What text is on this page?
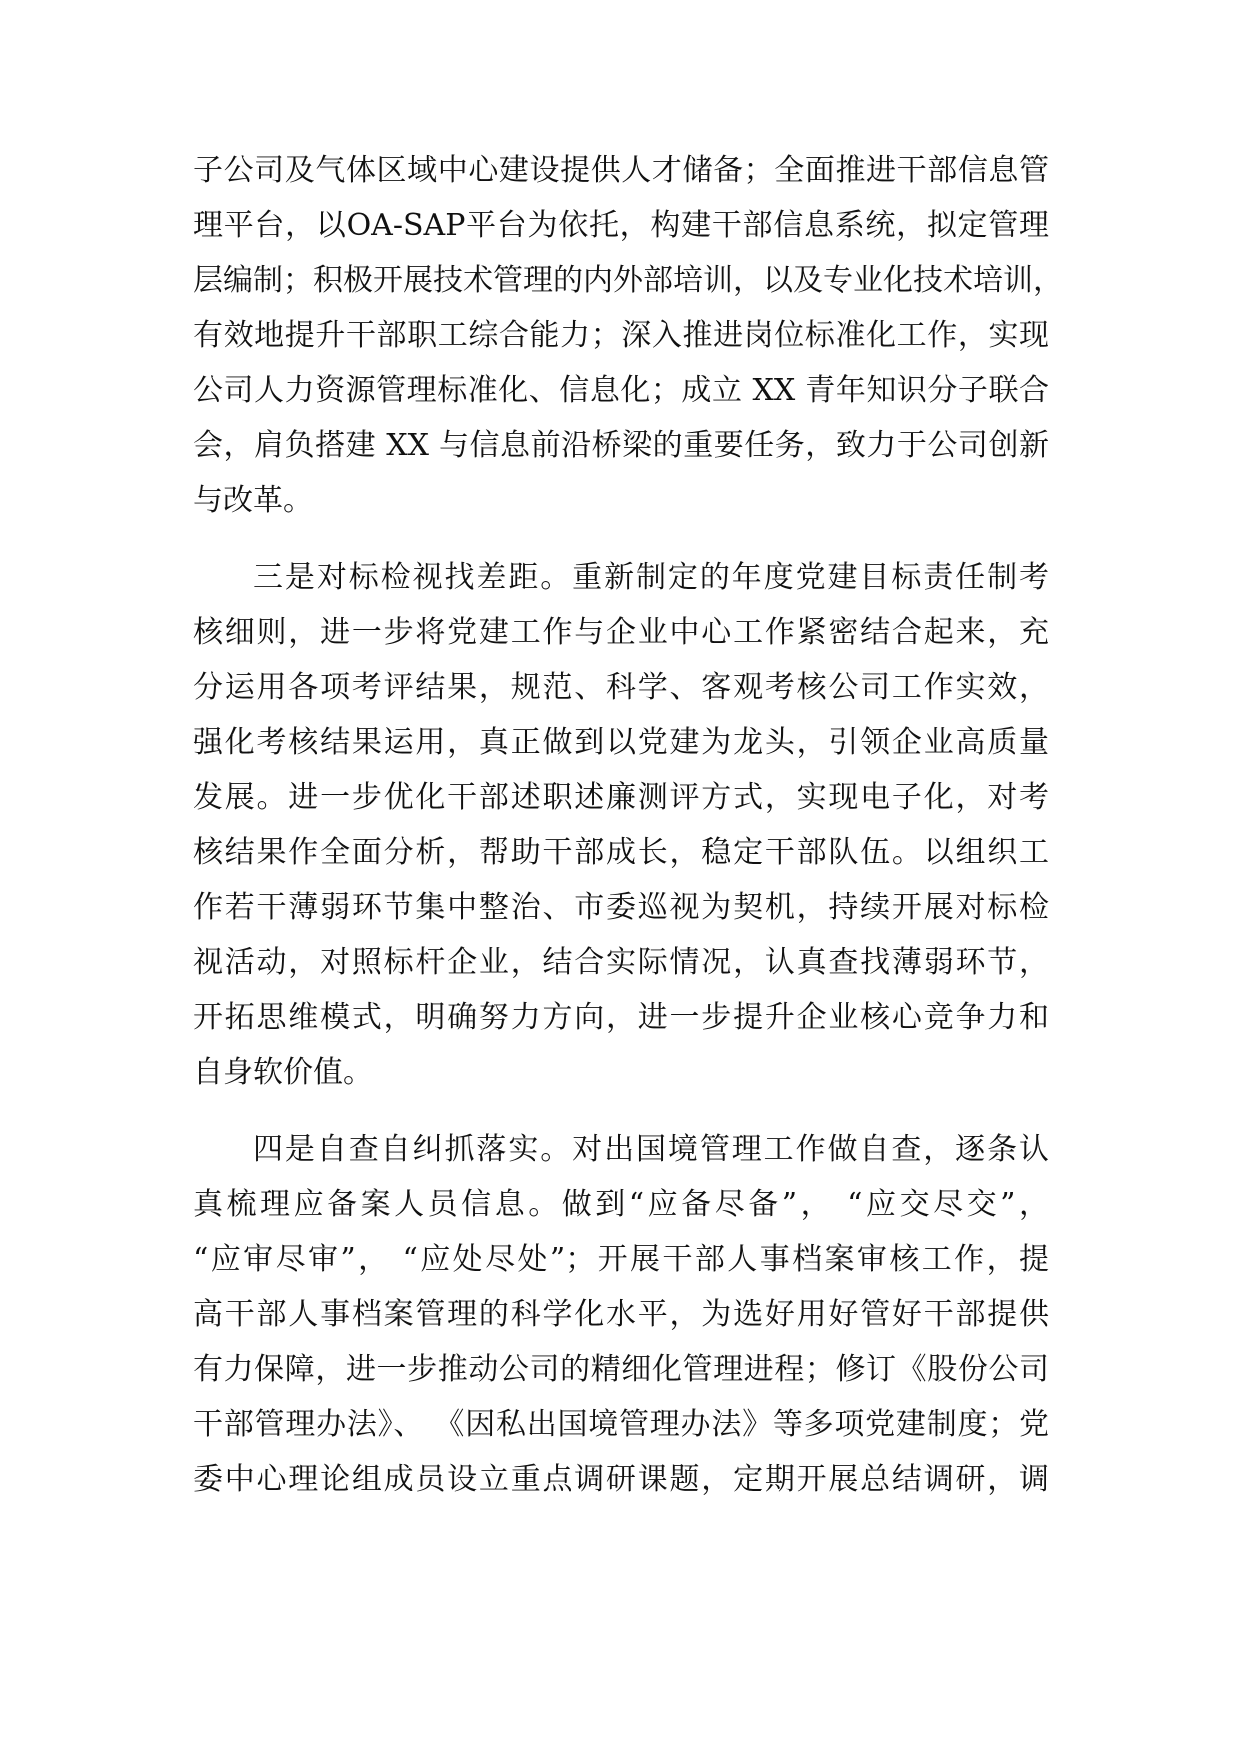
子公司及气体区域中心建设提供人才储备；全面推进干部信息管
理平台，以OA-SAP平台为依托，构建干部信息系统，拟定管理
层编制；积极开展技术管理的内外部培训，以及专业化技术培训，
有效地提升干部职工综合能力；深入推进岗位标准化工作，实现
公司人力资源管理标准化、信息化；成立 XX 青年知识分子联合
会，肩负搭建 XX 与信息前沿桥梁的重要任务，致力于公司创新
与改革。
三是对标检视找差距。重新制定的年度党建目标责任制考
核细则，进一步将党建工作与企业中心工作紧密结合起来，充
分运用各项考评结果，规范、科学、客观考核公司工作实效，
强化考核结果运用，真正做到以党建为龙头，引领企业高质量
发展。进一步优化干部述职述廉测评方式，实现电子化，对考
核结果作全面分析，帮助干部成长，稳定干部队伍。以组织工
作若干薄弱环节集中整治、市委巡视为契机，持续开展对标检
视活动，对照标杆企业，结合实际情况，认真查找薄弱环节，
开拓思维模式，明确努力方向，进一步提升企业核心竞争力和
自身软价值。
四是自查自纠抓落实。对出国境管理工作做自查，逐条认
真梳理应备案人员信息。做到“应备尽备”， “应交尽交”，
“应审尽审”， “应处尽处”；开展干部人事档案审核工作，提
高干部人事档案管理的科学化水平，为选好用好管好干部提供
有力保障，进一步推动公司的精细化管理进程；修订《股份公司
干部管理办法》、 《因私出国境管理办法》等多项党建制度；党
委中心理论组成员设立重点调研课题，定期开展总结调研，调
